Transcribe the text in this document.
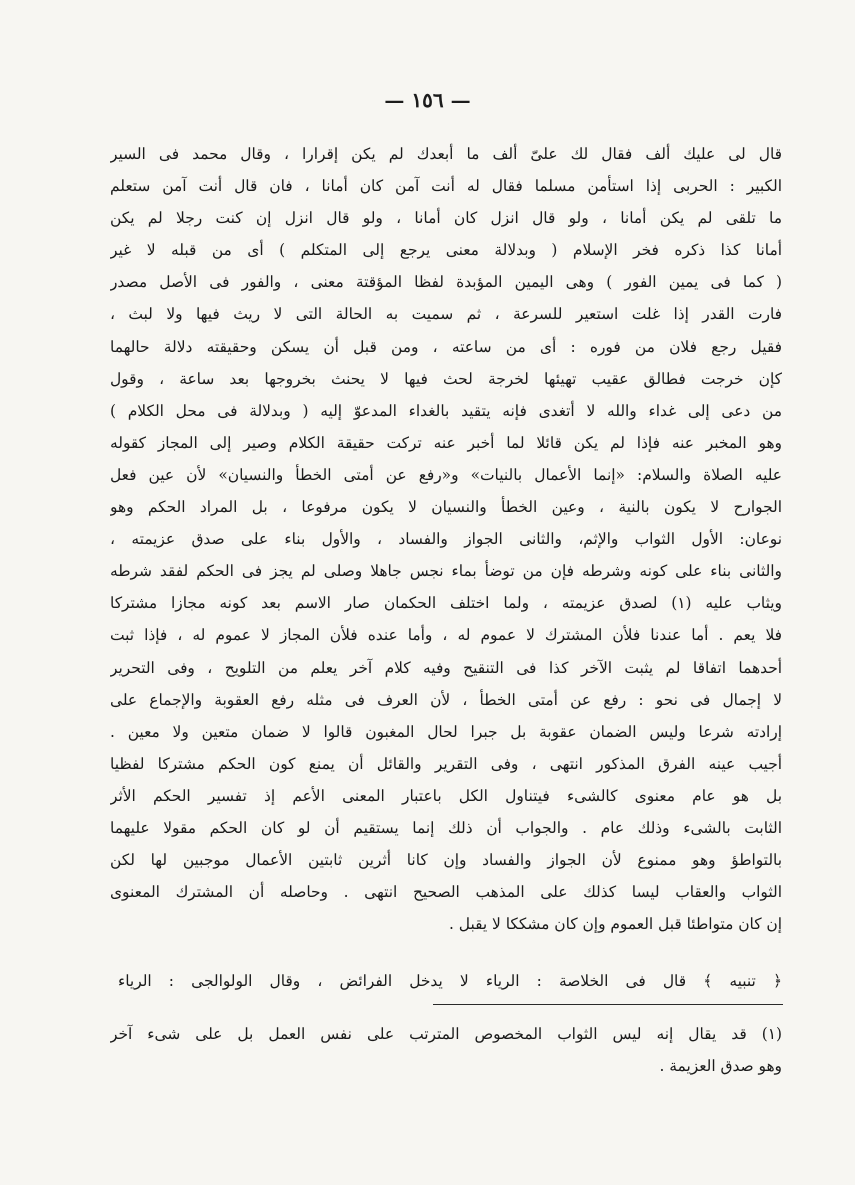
— ١٥٦ —
قال لى عليك ألف فقال لك علىّ ألف ما أبعدك لم يكن إقرارا ، وقال محمد فى السير
الكبير : الحربى إذا استأمن مسلما فقال له أنت آمن كان أمانا ، فان قال أنت آمن ستعلم
ما تلقى لم يكن أمانا ، ولو قال انزل كان أمانا ، ولو قال انزل إن كنت رجلا لم يكن
أمانا كذا ذكره فخر الإسلام ( وبدلالة معنى يرجع إلى المتكلم ) أى من قبله لا غير
( كما فى يمين الفور ) وهى اليمين المؤبدة لفظا المؤقتة معنى ، والفور فى الأصل مصدر
فارت القدر إذا غلت استعير للسرعة ، ثم سميت به الحالة التى لا ريث فيها ولا لبث ،
فقيل رجع فلان من فوره : أى من ساعته ، ومن قبل أن يسكن وحقيقته دلالة حالهما
كإن خرجت فطالق عقيب تهيئها لخرجة لحث فيها لا يحنث بخروجها بعد ساعة ، وقول
من دعى إلى غداء والله لا أتغدى فإنه يتقيد بالغداء المدعوّ إليه ( وبدلالة فى محل الكلام )
وهو المخبر عنه فإذا لم يكن قائلا لما أخبر عنه تركت حقيقة الكلام وصير إلى المجاز كقوله
عليه الصلاة والسلام: «إنما الأعمال بالنيات» و«رفع عن أمتى الخطأ والنسيان» لأن عين فعل
الجوارح لا يكون بالنية ، وعين الخطأ والنسيان لا يكون مرفوعا ، بل المراد الحكم وهو
نوعان: الأول الثواب والإثم، والثانى الجواز والفساد ، والأول بناء على صدق عزيمته ،
والثانى بناء على كونه وشرطه فإن من توضأ بماء نجس جاهلا وصلى لم يجز فى الحكم لفقد شرطه
ويثاب عليه (١) لصدق عزيمته ، ولما اختلف الحكمان صار الاسم بعد كونه مجازا مشتركا
فلا يعم . أما عندنا فلأن المشترك لا عموم له ، وأما عنده فلأن المجاز لا عموم له ، فإذا ثبت
أحدهما اتفاقا لم يثبت الآخر كذا فى التنقيح وفيه كلام آخر يعلم من التلويح ، وفى التحرير
لا إجمال فى نحو : رفع عن أمتى الخطأ ، لأن العرف فى مثله رفع العقوبة والإجماع على
إرادته شرعا وليس الضمان عقوبة بل جبرا لحال المغبون قالوا لا ضمان متعين ولا معين .
أجيب عينه الفرق المذكور انتهى ، وفى التقرير والقائل أن يمنع كون الحكم مشتركا لفظيا
بل هو عام معنوى كالشىء فيتناول الكل باعتبار المعنى الأعم إذ تفسير الحكم الأثر
الثابت بالشىء وذلك عام . والجواب أن ذلك إنما يستقيم أن لو كان الحكم مقولا عليهما
بالتواطؤ وهو ممنوع لأن الجواز والفساد وإن كانا أثرين ثابتين الأعمال موجبين لها لكن
الثواب والعقاب ليسا كذلك على المذهب الصحيح انتهى . وحاصله أن المشترك المعنوى
إن كان متواطئا قبل العموم وإن كان مشككا لا يقبل .
﴿ تنبيه ﴾ قال فى الخلاصة : الرياء لا يدخل الفرائض ، وقال الولوالجى : الرياء
(١) قد يقال إنه ليس الثواب المخصوص المترتب على نفس العمل بل على شىء آخر
وهو صدق العزيمة .
